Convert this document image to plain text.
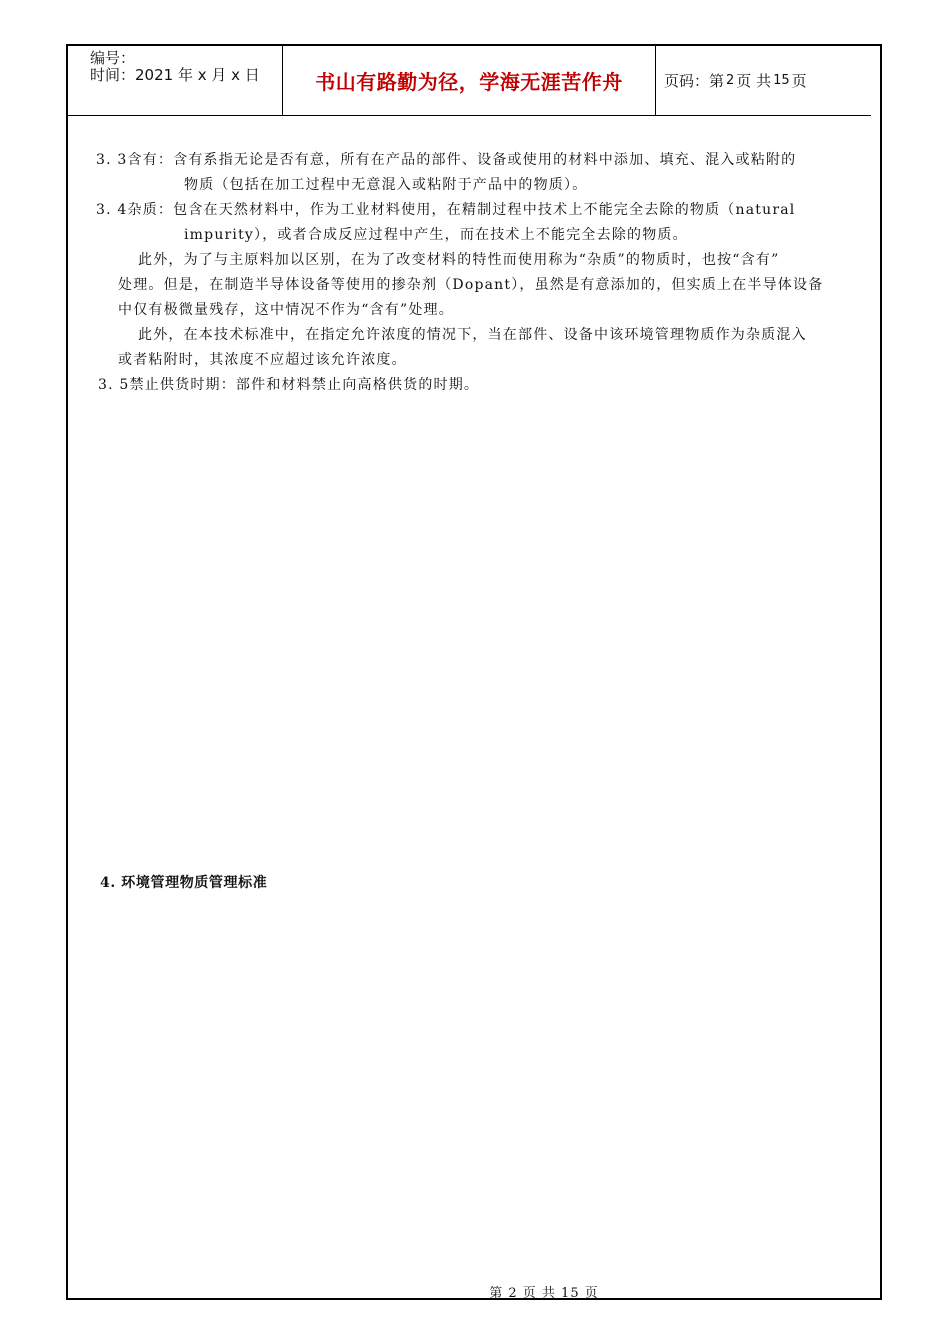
编号：
时间：2021 年 x 月 x 日	书山有路勤为径，学海无涯苦作舟	页码：第 2 页 共 15 页
3. 3含有：含有系指无论是否有意，所有在产品的部件、设备或使用的材料中添加、填充、混入或粘附的
物质（包括在加工过程中无意混入或粘附于产品中的物质）。
3. 4杂质：包含在天然材料中，作为工业材料使用，在精制过程中技术上不能完全去除的物质（natural
impurity），或者合成反应过程中产生，而在技术上不能完全去除的物质。
此外，为了与主原料加以区别，在为了改变材料的特性而使用称为“杂质”的物质时，也按“含有”
处理。但是，在制造半导体设备等使用的掺杂剂（Dopant），虽然是有意添加的，但实质上在半导体设备
中仅有极微量残存，这中情况不作为“含有”处理。
此外，在本技术标准中，在指定允许浓度的情况下，当在部件、设备中该环境管理物质作为杂质混入
或者粘附时，其浓度不应超过该允许浓度。
3. 5禁止供货时期：部件和材料禁止向高格供货的时期。
4. 环境管理物质管理标准
第 2 页 共 15 页
